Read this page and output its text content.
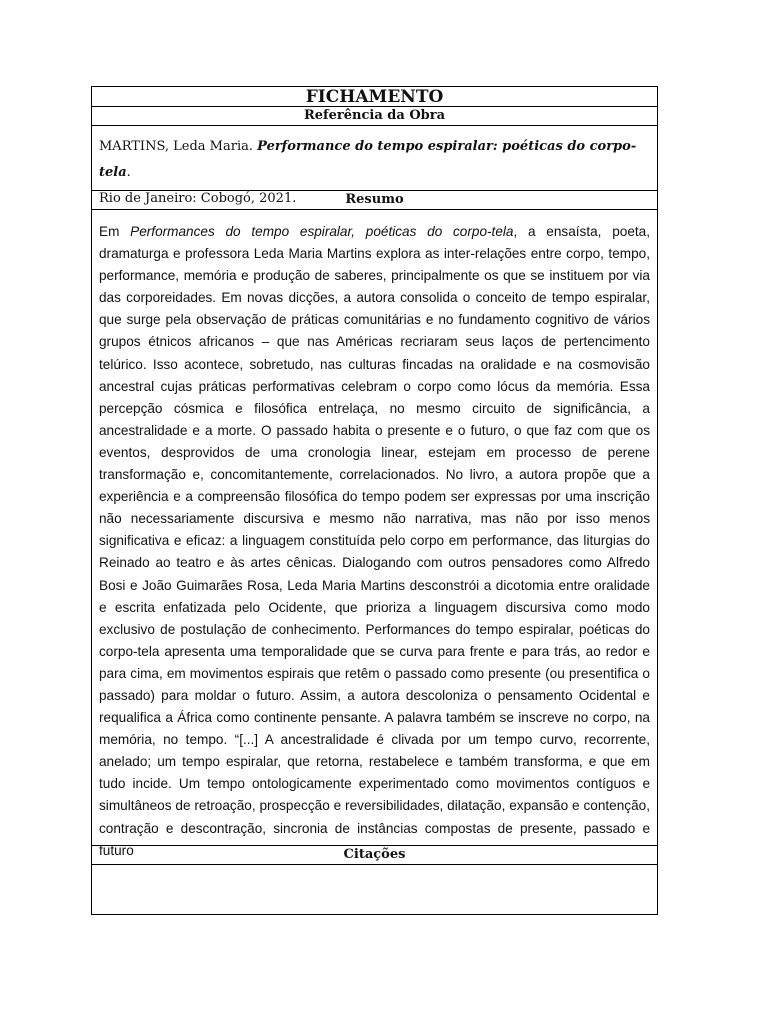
FICHAMENTO
Referência da Obra
MARTINS, Leda Maria. Performance do tempo espiralar: poéticas do corpo-tela.
Rio de Janeiro: Cobogó, 2021.	Resumo
Em Performances do tempo espiralar, poéticas do corpo-tela, a ensaísta, poeta, dramaturga e professora Leda Maria Martins explora as inter-relações entre corpo, tempo, performance, memória e produção de saberes, principalmente os que se instituem por via das corporeidades. Em novas dicções, a autora consolida o conceito de tempo espiralar, que surge pela observação de práticas comunitárias e no fundamento cognitivo de vários grupos étnicos africanos – que nas Américas recriaram seus laços de pertencimento telúrico. Isso acontece, sobretudo, nas culturas fincadas na oralidade e na cosmovisão ancestral cujas práticas performativas celebram o corpo como lócus da memória. Essa percepção cósmica e filosófica entrelaça, no mesmo circuito de significância, a ancestralidade e a morte. O passado habita o presente e o futuro, o que faz com que os eventos, desprovidos de uma cronologia linear, estejam em processo de perene transformação e, concomitantemente, correlacionados. No livro, a autora propõe que a experiência e a compreensão filosófica do tempo podem ser expressas por uma inscrição não necessariamente discursiva e mesmo não narrativa, mas não por isso menos significativa e eficaz: a linguagem constituída pelo corpo em performance, das liturgias do Reinado ao teatro e às artes cênicas. Dialogando com outros pensadores como Alfredo Bosi e João Guimarães Rosa, Leda Maria Martins desconstrói a dicotomia entre oralidade e escrita enfatizada pelo Ocidente, que prioriza a linguagem discursiva como modo exclusivo de postulação de conhecimento. Performances do tempo espiralar, poéticas do corpo-tela apresenta uma temporalidade que se curva para frente e para trás, ao redor e para cima, em movimentos espirais que retêm o passado como presente (ou presentifica o passado) para moldar o futuro. Assim, a autora descoloniza o pensamento Ocidental e requalifica a África como continente pensante. A palavra também se inscreve no corpo, na memória, no tempo. “[...] A ancestralidade é clivada por um tempo curvo, recorrente, anelado; um tempo espiralar, que retorna, restabelece e também transforma, e que em tudo incide. Um tempo ontologicamente experimentado como movimentos contíguos e simultâneos de retroação, prospecção e reversibilidades, dilatação, expansão e contenção, contração e descontração, sincronia de instâncias compostas de presente, passado e futuro	Citações
